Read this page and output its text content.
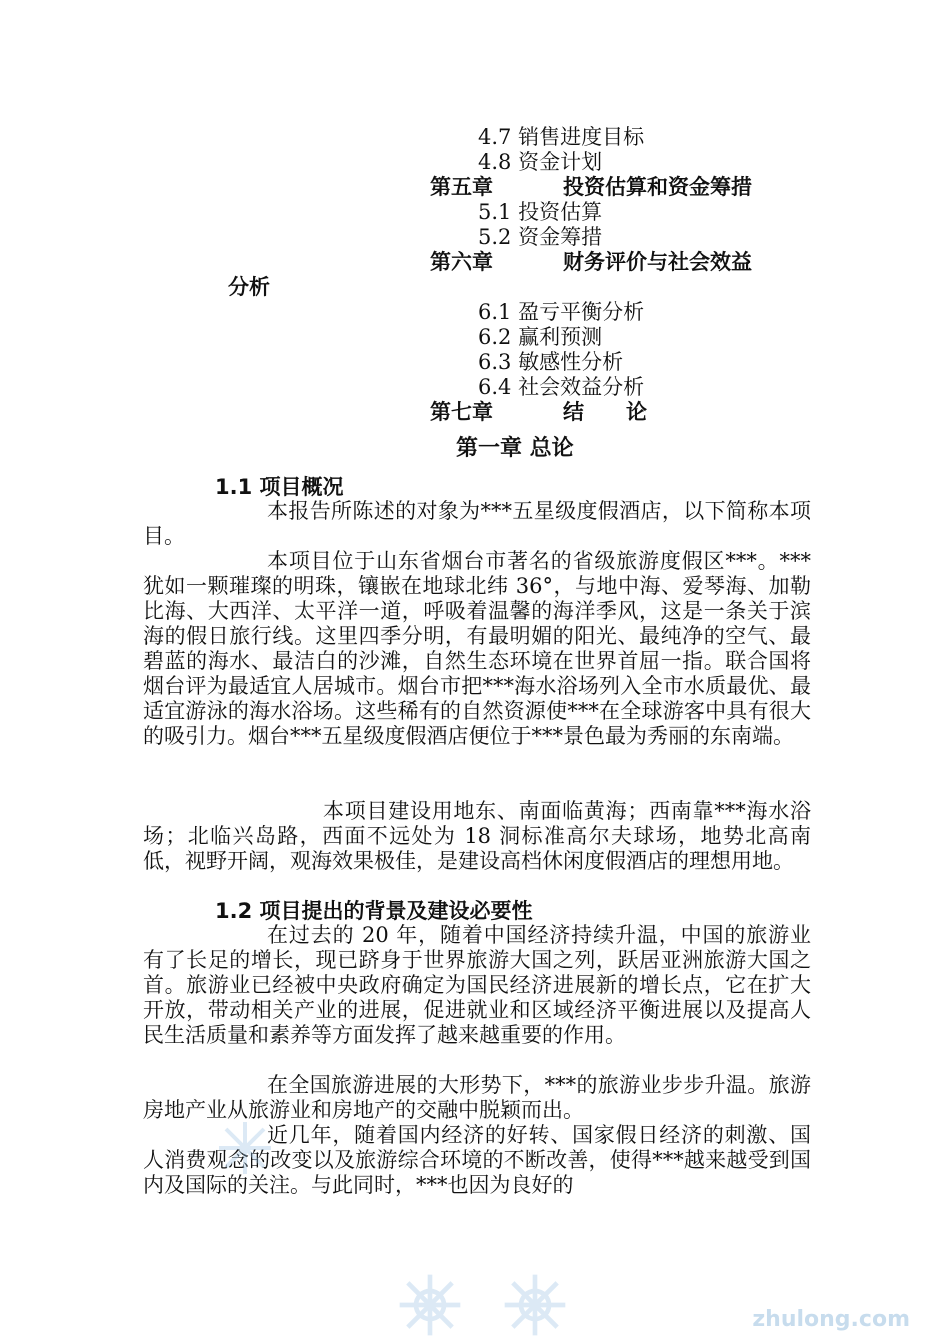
4.7 销售进度目标
4.8 资金计划
第五章	投资估算和资金筹措
5.1 投资估算
5.2 资金筹措
第六章	财务评价与社会效益
分析
6.1 盈亏平衡分析
6.2 赢利预测
6.3 敏感性分析
6.4 社会效益分析
第七章	结　　论
第一章 总论
1.1 项目概况
本报告所陈述的对象为***五星级度假酒店，以下简称本项目。
本项目位于山东省烟台市著名的省级旅游度假区***。***犹如一颗璀璨的明珠，镶嵌在地球北纬 36°，与地中海、爱琴海、加勒比海、大西洋、太平洋一道，呼吸着温馨的海洋季风，这是一条关于滨海的假日旅行线。这里四季分明，有最明媚的阳光、最纯净的空气、最碧蓝的海水、最洁白的沙滩，自然生态环境在世界首屈一指。联合国将烟台评为最适宜人居城市。烟台市把***海水浴场列入全市水质最优、最适宜游泳的海水浴场。这些稀有的自然资源使***在全球游客中具有很大的吸引力。烟台***五星级度假酒店便位于***景色最为秀丽的东南端。
本项目建设用地东、南面临黄海；西南靠***海水浴场；北临兴岛路，西面不远处为 18 洞标准高尔夫球场，地势北高南低，视野开阔，观海效果极佳，是建设高档休闲度假酒店的理想用地。
1.2 项目提出的背景及建设必要性
在过去的 20 年，随着中国经济持续升温，中国的旅游业有了长足的增长，现已跻身于世界旅游大国之列，跃居亚洲旅游大国之首。旅游业已经被中央政府确定为国民经济进展新的增长点，它在扩大开放，带动相关产业的进展，促进就业和区域经济平衡进展以及提高人民生活质量和素养等方面发挥了越来越重要的作用。
在全国旅游进展的大形势下，***的旅游业步步升温。旅游房地产业从旅游业和房地产的交融中脱颖而出。
近几年，随着国内经济的好转、国家假日经济的刺激、国人消费观念的改变以及旅游综合环境的不断改善，使得***越来越受到国内及国际的关注。与此同时，***也因为良好的
zhulong.com
